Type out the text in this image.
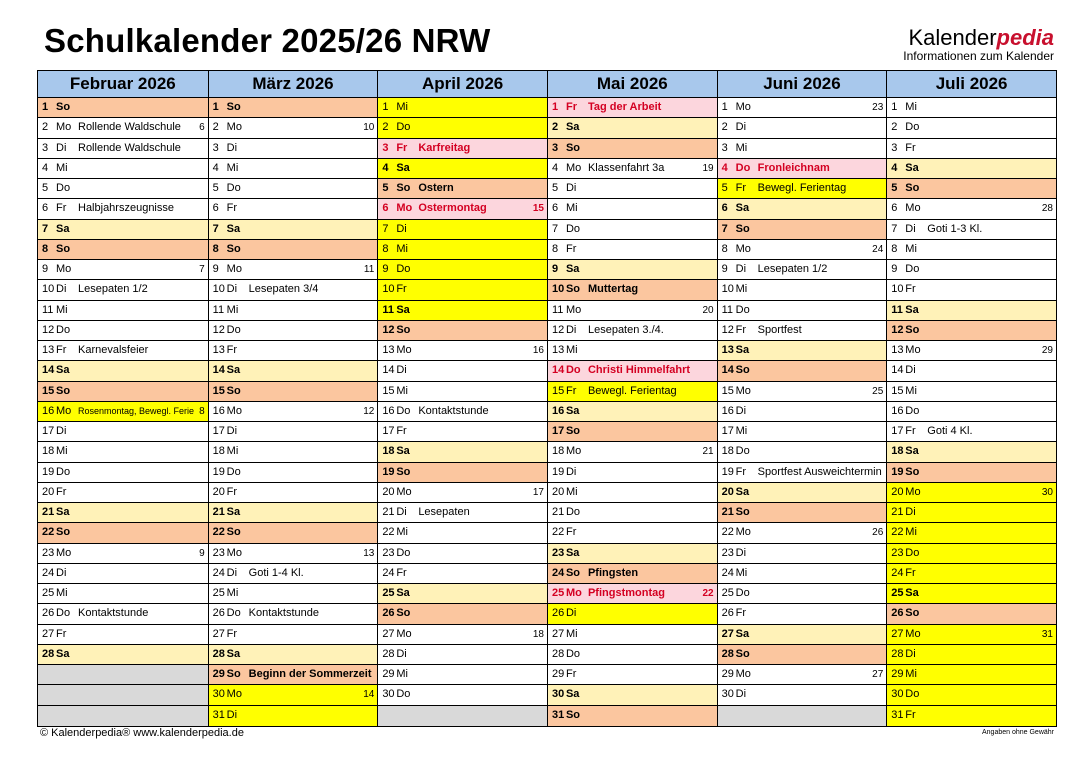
Schulkalender 2025/26 NRW	Kalenderpedia
Informationen zum Kalender
Februar 2026
1 So
2 Mo Rollende Waldschule 6
3 Di Rollende Waldschule
4 Mi
5 Do
6 Fr Halbjahrszeugnisse
7 Sa
8 So
9 Mo	7
10 Di Lesepaten 1/2
11 Mi
12 Do
13 Fr Karnevalsfeier
14 Sa
15 So
16 Mo Rosenmontag, Bewegl. Ferie 8
17 Di
18 Mi
19 Do
20 Fr
21 Sa
22 So
23 Mo	9
24 Di
25 Mi
26 Do Kontaktstunde
27 Fr
28 Sa
März 2026
1 So
2 Mo	10
3 Di
4 Mi
5 Do
6 Fr
7 Sa
8 So
9 Mo	11
10 Di Lesepaten 3/4
11 Mi
12 Do
13 Fr
14 Sa
15 So
16 Mo	12
17 Di
18 Mi
19 Do
20 Fr
21 Sa
22 So
23 Mo	13
24 Di Goti 1-4 Kl.
25 Mi
26 Do Kontaktstunde
27 Fr
28 Sa
29 So Beginn der Sommerzeit
30 Mo	14
31 Di
April 2026
1 Mi
2 Do
3 Fr Karfreitag
4 Sa
5 So Ostern
6 Mo Ostermontag	15
7 Di
8 Mi
9 Do
10 Fr
11 Sa
12 So
13 Mo	16
14 Di
15 Mi
16 Do Kontaktstunde
17 Fr
18 Sa
19 So
20 Mo	17
21 Di Lesepaten
22 Mi
23 Do
24 Fr
25 Sa
26 So
27 Mo	18
28 Di
29 Mi
30 Do
Mai 2026
1 Fr Tag der Arbeit
2 Sa
3 So
4 Mo Klassenfahrt 3a	19
5 Di
6 Mi
7 Do
8 Fr
9 Sa
10 So Muttertag
11 Mo	20
12 Di Lesepaten 3./4.
13 Mi
14 Do Christi Himmelfahrt
15 Fr Bewegl. Ferientag
16 Sa
17 So
18 Mo	21
19 Di
20 Mi
21 Do
22 Fr
23 Sa
24 So Pfingsten
25 Mo Pfingstmontag	22
26 Di
27 Mi
28 Do
29 Fr
30 Sa
31 So
Juni 2026
1 Mo	23
2 Di
3 Mi
4 Do Fronleichnam
5 Fr Bewegl. Ferientag
6 Sa
7 So
8 Mo	24
9 Di Lesepaten 1/2
10 Mi
11 Do
12 Fr Sportfest
13 Sa
14 So
15 Mo	25
16 Di
17 Mi
18 Do
19 Fr Sportfest Ausweichtermin
20 Sa
21 So
22 Mo	26
23 Di
24 Mi
25 Do
26 Fr
27 Sa
28 So
29 Mo	27
30 Di
Juli 2026
1 Mi
2 Do
3 Fr
4 Sa
5 So
6 Mo	28
7 Di Goti 1-3 Kl.
8 Mi
9 Do
10 Fr
11 Sa
12 So
13 Mo	29
14 Di
15 Mi
16 Do
17 Fr Goti 4 Kl.
18 Sa
19 So
20 Mo	30
21 Di
22 Mi
23 Do
24 Fr
25 Sa
26 So
27 Mo	31
28 Di
29 Mi
30 Do
31 Fr
© Kalenderpedia® www.kalenderpedia.de	Angaben ohne Gewähr
